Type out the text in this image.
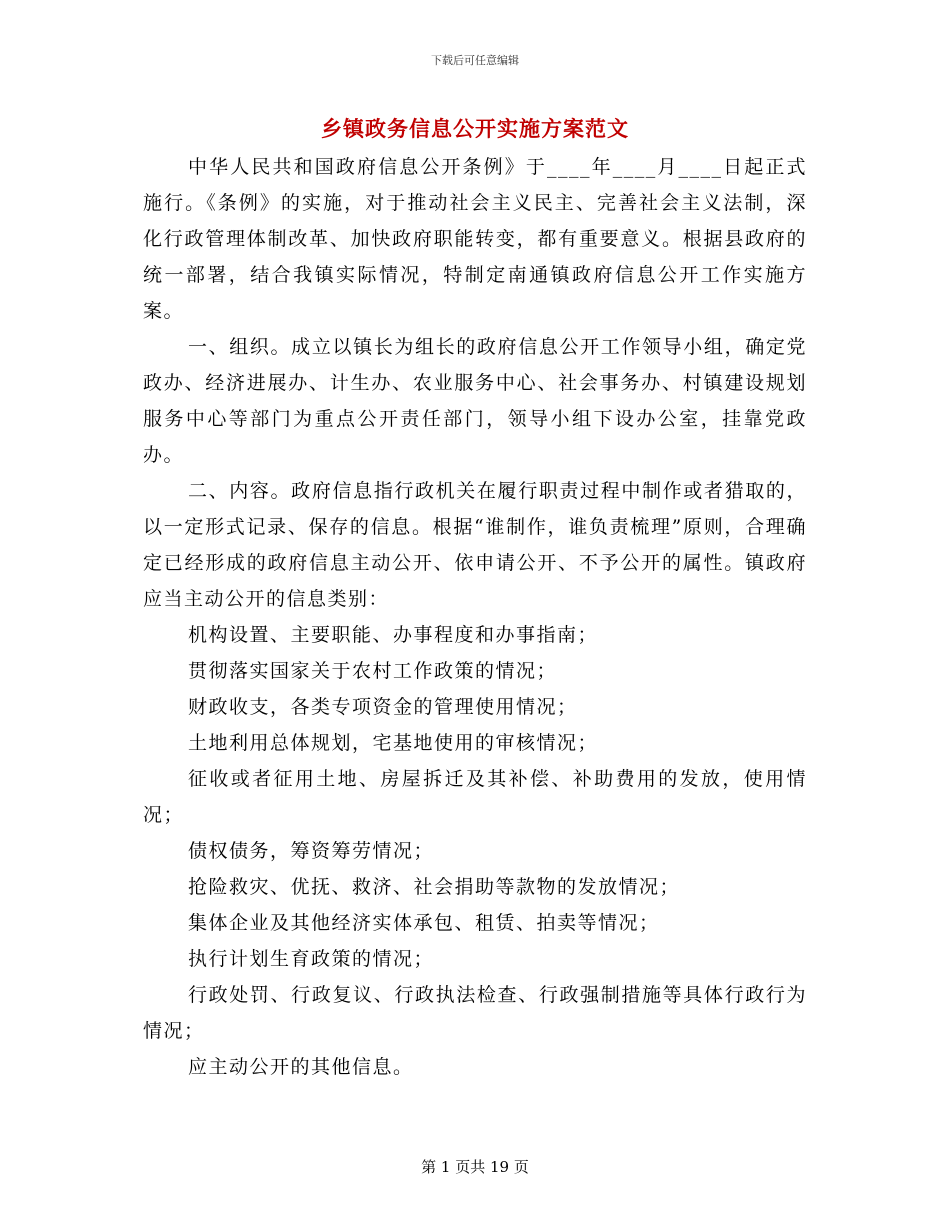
下载后可任意编辑
乡镇政务信息公开实施方案范文

中华人民共和国政府信息公开条例》于____年____月____日起正式施行。《条例》的实施，对于推动社会主义民主、完善社会主义法制，深化行政管理体制改革、加快政府职能转变，都有重要意义。根据县政府的统一部署，结合我镇实际情况，特制定南通镇政府信息公开工作实施方案。

一、组织。成立以镇长为组长的政府信息公开工作领导小组，确定党政办、经济进展办、计生办、农业服务中心、社会事务办、村镇建设规划服务中心等部门为重点公开责任部门，领导小组下设办公室，挂靠党政办。

二、内容。政府信息指行政机关在履行职责过程中制作或者猎取的，以一定形式记录、保存的信息。根据“谁制作，谁负责梳理”原则，合理确定已经形成的政府信息主动公开、依申请公开、不予公开的属性。镇政府应当主动公开的信息类别：

机构设置、主要职能、办事程度和办事指南；

贯彻落实国家关于农村工作政策的情况；

财政收支，各类专项资金的管理使用情况；

土地利用总体规划，宅基地使用的审核情况；

征收或者征用土地、房屋拆迁及其补偿、补助费用的发放，使用情况；

债权债务，筹资筹劳情况；

抢险救灾、优抚、救济、社会捐助等款物的发放情况；

集体企业及其他经济实体承包、租赁、拍卖等情况；

执行计划生育政策的情况；

行政处罚、行政复议、行政执法检查、行政强制措施等具体行政行为情况；

应主动公开的其他信息。

第 1 页共 19 页
